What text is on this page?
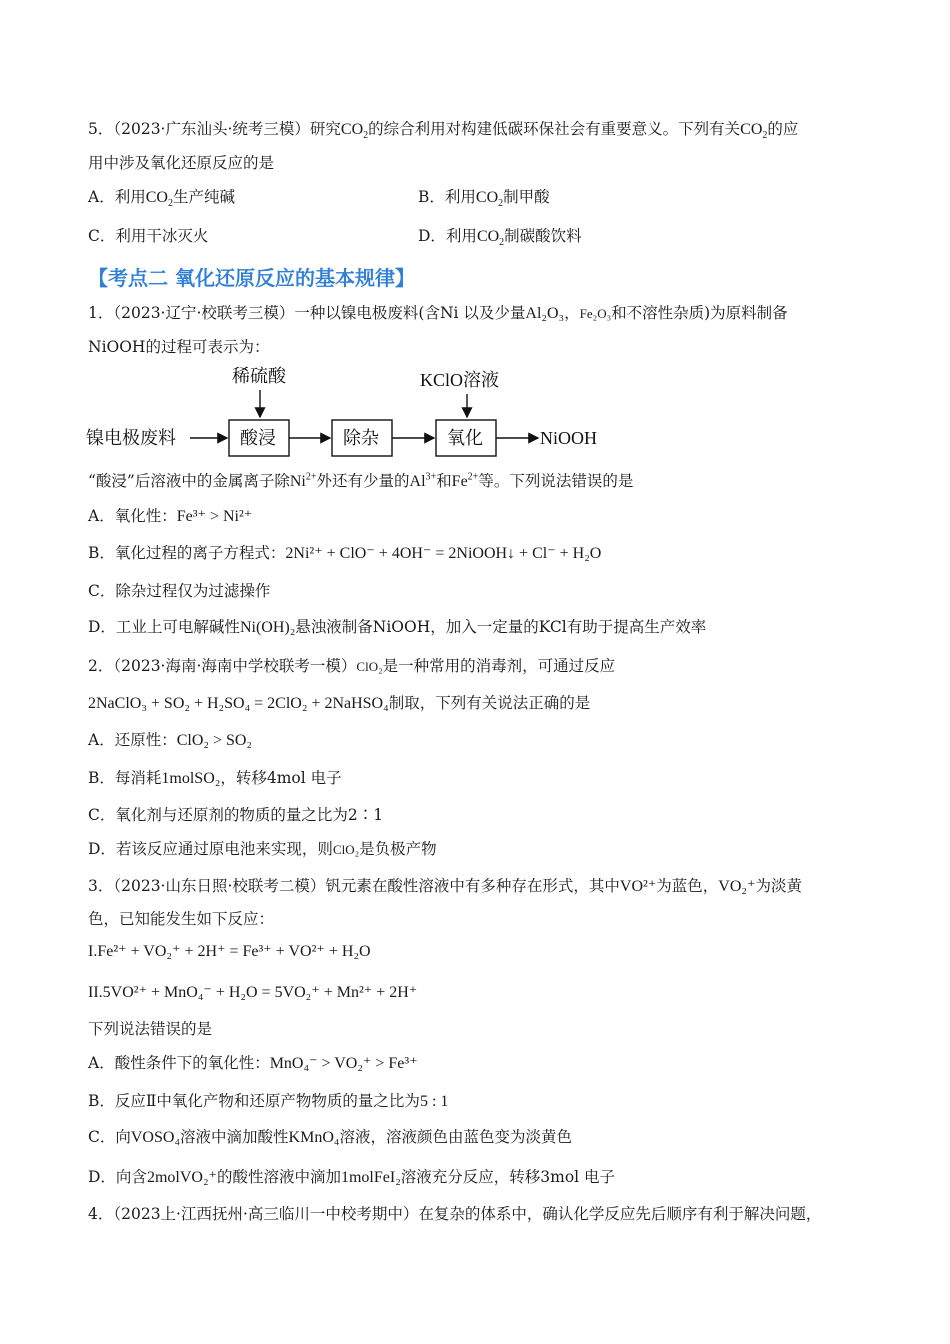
5．（2023·广东汕头·统考三模）研究$CO_2$的综合利用对构建低碳环保社会有重要意义。下列有关$CO_2$的应
用中涉及氧化还原反应的是
A．利用$CO_2$生产纯碱	B．利用$CO_2$制甲酸
C．利用干冰灭火	D．利用$CO_2$制碳酸饮料
【考点二 氧化还原反应的基本规律】
1．（2023·辽宁·校联考三模）一种以镍电极废料(含Ni 以及少量Al₂O₃，Fe₂O₃和不溶性杂质)为原料制备
NiOOH的过程可表示为：
稀硫酸	KClO溶液
镍电极废料	酸浸	除杂	氧化	NiOOH
“酸浸”后溶液中的金属离子除$Ni^{2+}$外还有少量的$Al^{3+}$和$Fe^{2+}$等。下列说法错误的是
A．氧化性：Fe³⁺ > Ni²⁺
B．氧化过程的离子方程式：2Ni²⁺ + ClO⁻ + 4OH⁻ = 2NiOOH↓ + Cl⁻ + H₂O
C．除杂过程仅为过滤操作
D．工业上可电解碱性Ni(OH)₂悬浊液制备NiOOH，加入一定量的KCl有助于提高生产效率
2．（2023·海南·海南中学校联考一模）ClO₂是一种常用的消毒剂，可通过反应
2NaClO₃ + SO₂ + H₂SO₄ = 2ClO₂ + 2NaHSO₄制取，下列有关说法正确的是
A．还原性：ClO₂ > SO₂
B．每消耗1molSO₂，转移4mol 电子
C．氧化剂与还原剂的物质的量之比为2∶1
D．若该反应通过原电池来实现，则ClO₂是负极产物
3．（2023·山东日照·校联考二模）钒元素在酸性溶液中有多种存在形式，其中VO²⁺为蓝色，VO₂⁺为淡黄
色，已知能发生如下反应：
I.Fe²⁺ + VO₂⁺ + 2H⁺ = Fe³⁺ + VO²⁺ + H₂O
II.5VO²⁺ + MnO₄⁻ + H₂O = 5VO₂⁺ + Mn²⁺ + 2H⁺
下列说法错误的是
A．酸性条件下的氧化性：MnO₄⁻ > VO₂⁺ > Fe³⁺
B．反应Ⅱ中氧化产物和还原产物物质的量之比为5 : 1
C．向VOSO₄溶液中滴加酸性KMnO₄溶液，溶液颜色由蓝色变为淡黄色
D．向含2molVO₂⁺的酸性溶液中滴加1molFeI₂溶液充分反应，转移3mol 电子
4．（2023上·江西抚州·高三临川一中校考期中）在复杂的体系中，确认化学反应先后顺序有利于解决问题，
